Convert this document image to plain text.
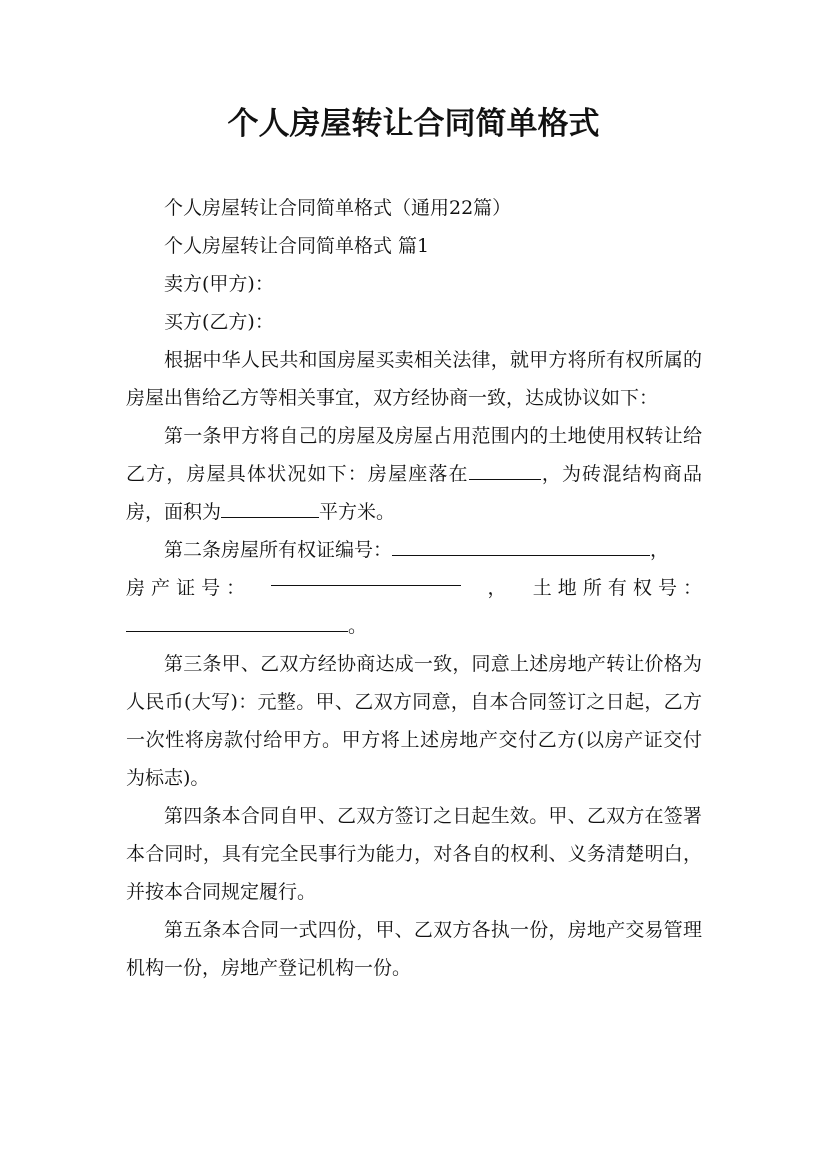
个人房屋转让合同简单格式

个人房屋转让合同简单格式（通用22篇）

个人房屋转让合同简单格式 篇1

卖方(甲方)：

买方(乙方)：

根据中华人民共和国房屋买卖相关法律，就甲方将所有权所属的房屋出售给乙方等相关事宜，双方经协商一致，达成协议如下：

第一条甲方将自己的房屋及房屋占用范围内的土地使用权转让给乙方，房屋具体状况如下：房屋座落在	，为砖混结构商品房，面积为	平方米。

第二条房屋所有权证编号：	，

房 产 证 号 ：	， 土 地 所 有 权 号 ：

。

第三条甲、乙双方经协商达成一致，同意上述房地产转让价格为人民币(大写)：元整。甲、乙双方同意，自本合同签订之日起，乙方一次性将房款付给甲方。甲方将上述房地产交付乙方(以房产证交付为标志)。

第四条本合同自甲、乙双方签订之日起生效。甲、乙双方在签署本合同时，具有完全民事行为能力，对各自的权利、义务清楚明白，并按本合同规定履行。

第五条本合同一式四份，甲、乙双方各执一份，房地产交易管理机构一份，房地产登记机构一份。
